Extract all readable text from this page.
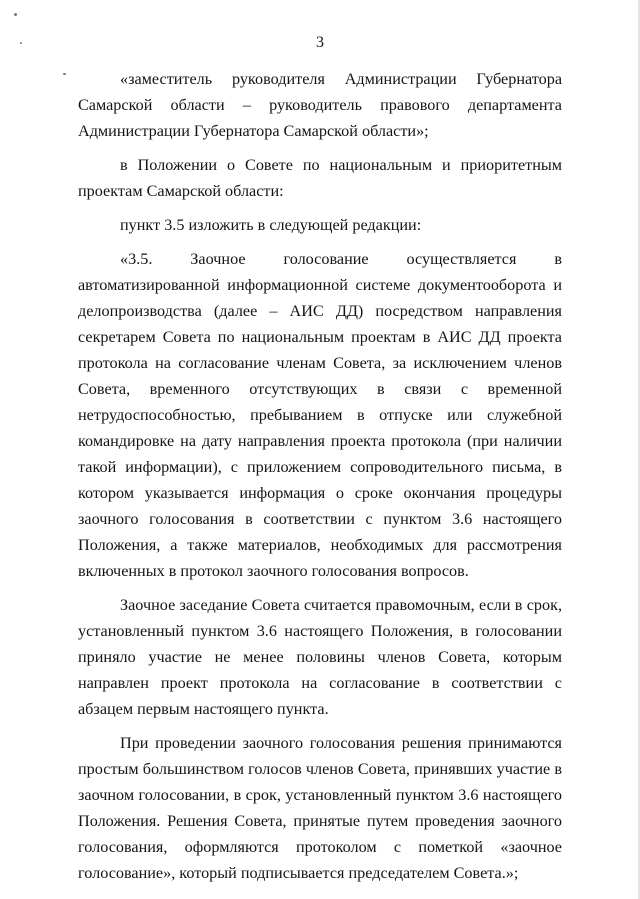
3

«заместитель руководителя Администрации Губернатора Самарской области – руководитель правового департамента Администрации Губернатора Самарской области»;

в Положении о Совете по национальным и приоритетным проектам Самарской области:

пункт 3.5 изложить в следующей редакции:

«3.5. Заочное голосование осуществляется в автоматизированной информационной системе документооборота и делопроизводства (далее – АИС ДД) посредством направления секретарем Совета по национальным проектам в АИС ДД проекта протокола на согласование членам Совета, за исключением членов Совета, временного отсутствующих в связи с временной нетрудоспособностью, пребыванием в отпуске или служебной командировке на дату направления проекта протокола (при наличии такой информации), с приложением сопроводительного письма, в котором указывается информация о сроке окончания процедуры заочного голосования в соответствии с пунктом 3.6 настоящего Положения, а также материалов, необходимых для рассмотрения включенных в протокол заочного голосования вопросов.

Заочное заседание Совета считается правомочным, если в срок, установленный пунктом 3.6 настоящего Положения, в голосовании приняло участие не менее половины членов Совета, которым направлен проект протокола на согласование в соответствии с абзацем первым настоящего пункта.

При проведении заочного голосования решения принимаются простым большинством голосов членов Совета, принявших участие в заочном голосовании, в срок, установленный пунктом 3.6 настоящего Положения. Решения Совета, принятые путем проведения заочного голосования, оформляются протоколом с пометкой «заочное голосование», который подписывается председателем Совета.»;
